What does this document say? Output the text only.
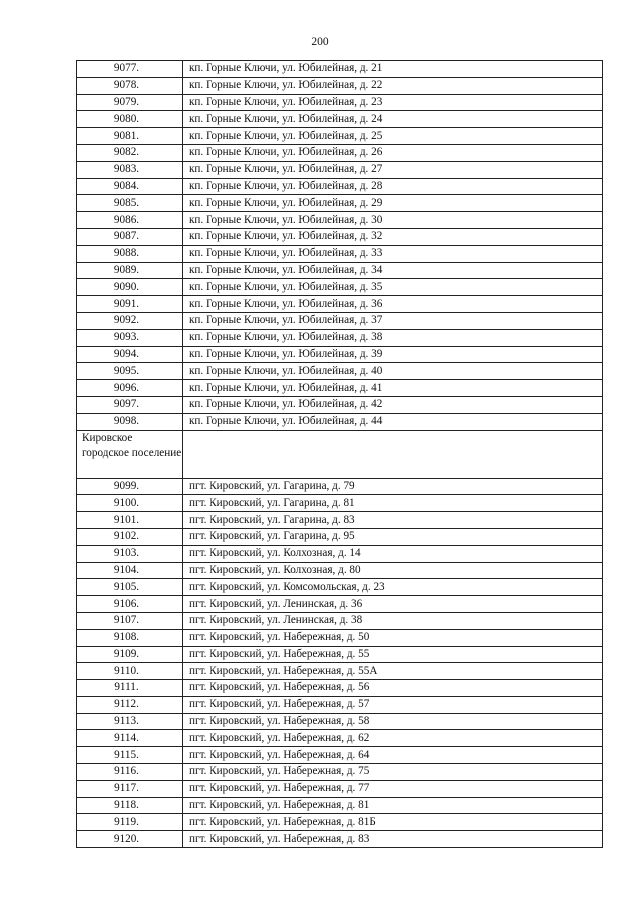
200
9077.	кп. Горные Ключи, ул. Юбилейная, д. 21
9078.	кп. Горные Ключи, ул. Юбилейная, д. 22
9079.	кп. Горные Ключи, ул. Юбилейная, д. 23
9080.	кп. Горные Ключи, ул. Юбилейная, д. 24
9081.	кп. Горные Ключи, ул. Юбилейная, д. 25
9082.	кп. Горные Ключи, ул. Юбилейная, д. 26
9083.	кп. Горные Ключи, ул. Юбилейная, д. 27
9084.	кп. Горные Ключи, ул. Юбилейная, д. 28
9085.	кп. Горные Ключи, ул. Юбилейная, д. 29
9086.	кп. Горные Ключи, ул. Юбилейная, д. 30
9087.	кп. Горные Ключи, ул. Юбилейная, д. 32
9088.	кп. Горные Ключи, ул. Юбилейная, д. 33
9089.	кп. Горные Ключи, ул. Юбилейная, д. 34
9090.	кп. Горные Ключи, ул. Юбилейная, д. 35
9091.	кп. Горные Ключи, ул. Юбилейная, д. 36
9092.	кп. Горные Ключи, ул. Юбилейная, д. 37
9093.	кп. Горные Ключи, ул. Юбилейная, д. 38
9094.	кп. Горные Ключи, ул. Юбилейная, д. 39
9095.	кп. Горные Ключи, ул. Юбилейная, д. 40
9096.	кп. Горные Ключи, ул. Юбилейная, д. 41
9097.	кп. Горные Ключи, ул. Юбилейная, д. 42
9098.	кп. Горные Ключи, ул. Юбилейная, д. 44
Кировское городское поселение	
9099.	пгт. Кировский, ул. Гагарина, д. 79
9100.	пгт. Кировский, ул. Гагарина, д. 81
9101.	пгт. Кировский, ул. Гагарина, д. 83
9102.	пгт. Кировский, ул. Гагарина, д. 95
9103.	пгт. Кировский, ул. Колхозная, д. 14
9104.	пгт. Кировский, ул. Колхозная, д. 80
9105.	пгт. Кировский, ул. Комсомольская, д. 23
9106.	пгт. Кировский, ул. Ленинская, д. 36
9107.	пгт. Кировский, ул. Ленинская, д. 38
9108.	пгт. Кировский, ул. Набережная, д. 50
9109.	пгт. Кировский, ул. Набережная, д. 55
9110.	пгт. Кировский, ул. Набережная, д. 55А
9111.	пгт. Кировский, ул. Набережная, д. 56
9112.	пгт. Кировский, ул. Набережная, д. 57
9113.	пгт. Кировский, ул. Набережная, д. 58
9114.	пгт. Кировский, ул. Набережная, д. 62
9115.	пгт. Кировский, ул. Набережная, д. 64
9116.	пгт. Кировский, ул. Набережная, д. 75
9117.	пгт. Кировский, ул. Набережная, д. 77
9118.	пгт. Кировский, ул. Набережная, д. 81
9119.	пгт. Кировский, ул. Набережная, д. 81Б
9120.	пгт. Кировский, ул. Набережная, д. 83
